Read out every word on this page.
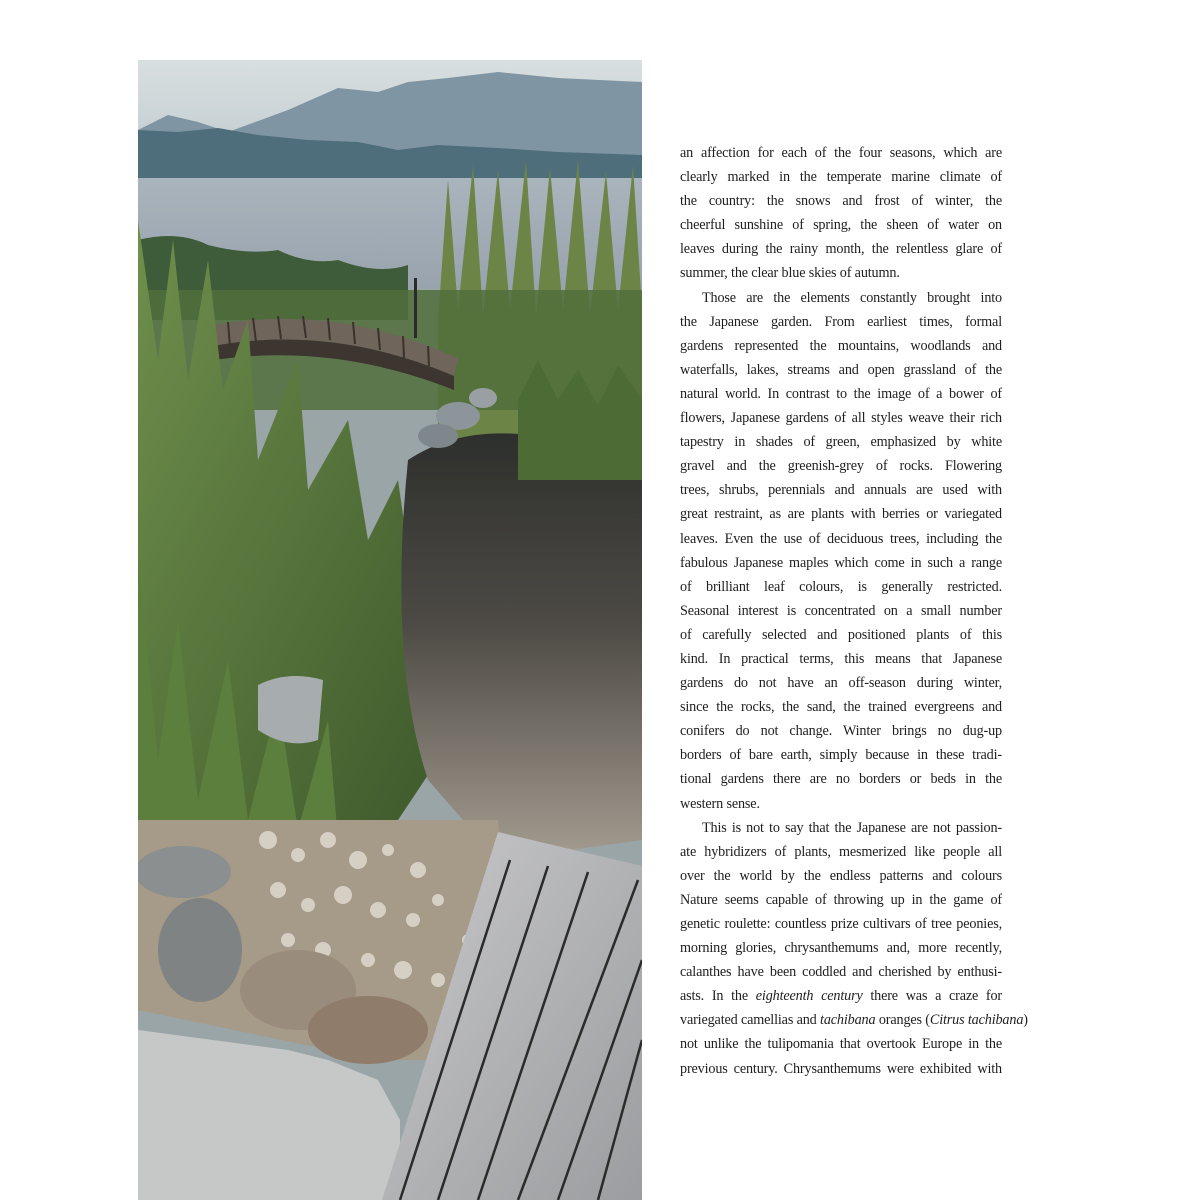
an affection for each of the four seasons, which are
clearly marked in the temperate marine climate of
the country: the snows and frost of winter, the
cheerful sunshine of spring, the sheen of water on
leaves during the rainy month, the relentless glare of
summer, the clear blue skies of autumn.
Those are the elements constantly brought into
the Japanese garden. From earliest times, formal
gardens represented the mountains, woodlands and
waterfalls, lakes, streams and open grassland of the
natural world. In contrast to the image of a bower of
flowers, Japanese gardens of all styles weave their rich
tapestry in shades of green, emphasized by white
gravel and the greenish-grey of rocks. Flowering
trees, shrubs, perennials and annuals are used with
great restraint, as are plants with berries or variegated
leaves. Even the use of deciduous trees, including the
fabulous Japanese maples which come in such a range
of brilliant leaf colours, is generally restricted.
Seasonal interest is concentrated on a small number
of carefully selected and positioned plants of this
kind. In practical terms, this means that Japanese
gardens do not have an off-season during winter,
since the rocks, the sand, the trained evergreens and
conifers do not change. Winter brings no dug-up
borders of bare earth, simply because in these tradi-
tional gardens there are no borders or beds in the
western sense.
This is not to say that the Japanese are not passion-
ate hybridizers of plants, mesmerized like people all
over the world by the endless patterns and colours
Nature seems capable of throwing up in the game of
genetic roulette: countless prize cultivars of tree peonies,
morning glories, chrysanthemums and, more recently,
calanthes have been coddled and cherished by enthusi-
asts. In the eighteenth century there was a craze for
variegated camellias and tachibana oranges (Citrus tachibana)
not unlike the tulipomania that overtook Europe in the
previous century. Chrysanthemums were exhibited with
